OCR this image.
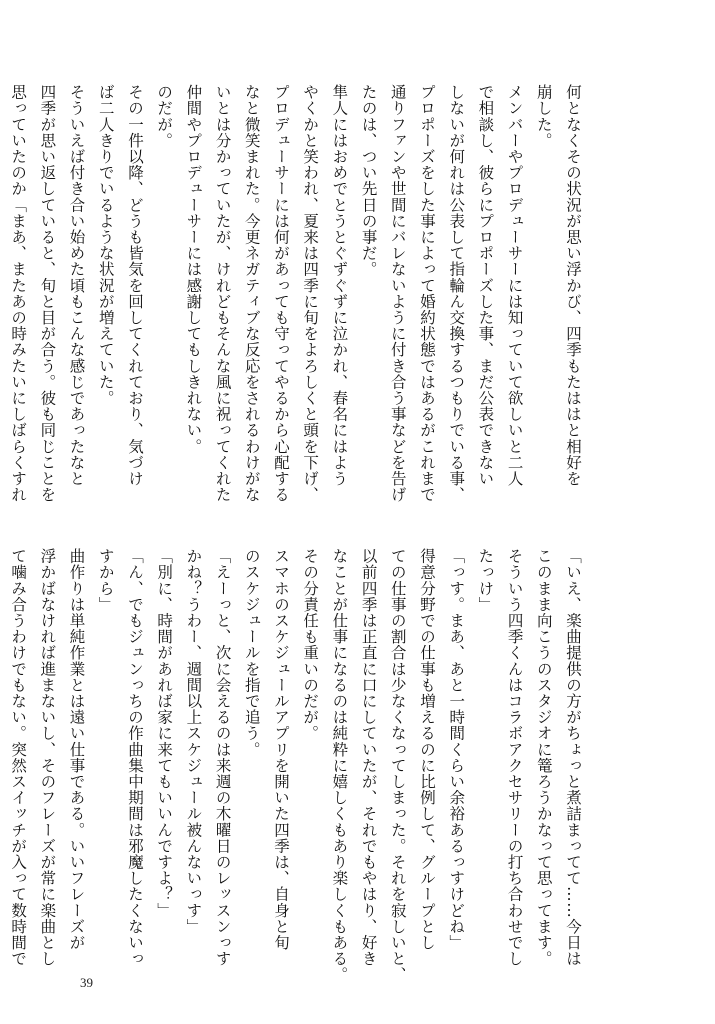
何となくその状況が思い浮かび、四季もたははと相好を
崩した。
メンバーやプロデューサーには知っていて欲しいと二人
で相談し、彼らにプロポーズした事、まだ公表できない
しないが何れは公表して指輪ん交換するつもりでいる事、
プロポーズをした事によって婚約状態ではあるがこれまで
通りファンや世間にバレないように付き合う事などを告げ
たのは、つい先日の事だ。
隼人にはおめでとうとぐずぐずに泣かれ、春名にはよう
やくかと笑われ、夏来は四季に旬をよろしくと頭を下げ、
プロデューサーには何があっても守ってやるから心配する
なと微笑まれた。今更ネガティブな反応をされるわけがな
いとは分かっていたが、けれどもそんな風に祝ってくれた
仲間やプロデューサーには感謝してもしきれない。
のだが。
その一件以降、どうも皆気を回してくれており、気づけ
ば二人きりでいるような状況が増えていた。
そういえば付き合い始めた頃もこんな感じであったなと
四季が思い返していると、旬と目が合う。彼も同じことを
思っていたのか「まあ、またあの時みたいにしばらくすれ
「いえ、楽曲提供の方がちょっと煮詰まってて……今日は
このまま向こうのスタジオに篭ろうかなって思ってます。
そういう四季くんはコラボアクセサリーの打ち合わせでし
たっけ」
「っす。まあ、あと一時間くらい余裕あるっすけどね」
得意分野での仕事も増えるのに比例して、グループとし
ての仕事の割合は少なくなってしまった。それを寂しいと、
以前四季は正直に口にしていたが、それでもやはり、好き
なことが仕事になるのは純粋に嬉しくもあり楽しくもある。
その分責任も重いのだが。
スマホのスケジュールアプリを開いた四季は、自身と旬
のスケジュールを指で追う。
「えーっと、次に会えるのは来週の木曜日のレッスンっす
かね？うわー、週間以上スケジュール被んないっす」
「別に、時間があれば家に来てもいいんですよ？」
「ん、でもジュンっちの作曲集中期間は邪魔したくないっ
すから」
曲作りは単純作業とは遠い仕事である。いいフレーズが
浮かばなければ進まないし、そのフレーズが常に楽曲とし
て噛み合うわけでもない。突然スイッチが入って数時間で
39
